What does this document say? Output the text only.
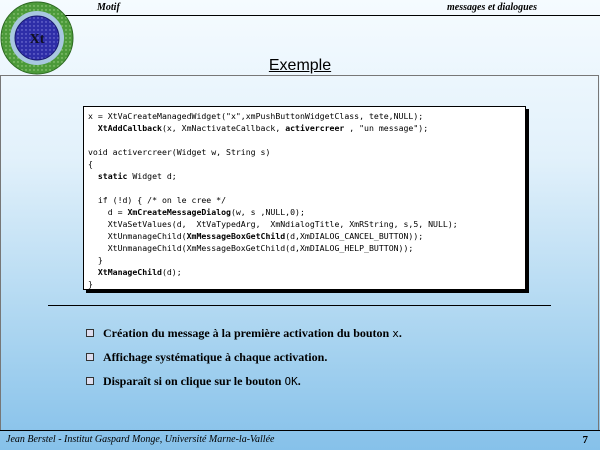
Motif	messages et dialogues
Xt
Exemple
x = XtVaCreateManagedWidget("x",xmPushButtonWidgetClass, tete,NULL);
XtAddCallback(x, XmNactivateCallback, activercreer , "un message");

void activercreer(Widget w, String s)
{
static Widget d;

if (!d) { /* on le cree */
d = XmCreateMessageDialog(w, s ,NULL,0);
XtVaSetValues(d,  XtVaTypedArg,  XmNdialogTitle, XmRString, s,5, NULL);
XtUnmanageChild(XmMessageBoxGetChild(d,XmDIALOG_CANCEL_BUTTON));
XtUnmanageChild(XmMessageBoxGetChild(d,XmDIALOG_HELP_BUTTON));
}
XtManageChild(d);
}
Création du message à la première activation du bouton x.
Affichage systématique à chaque activation.
Disparaît si on clique sur le bouton OK.
Jean Berstel - Institut Gaspard Monge, Université Marne-la-Vallée	7
